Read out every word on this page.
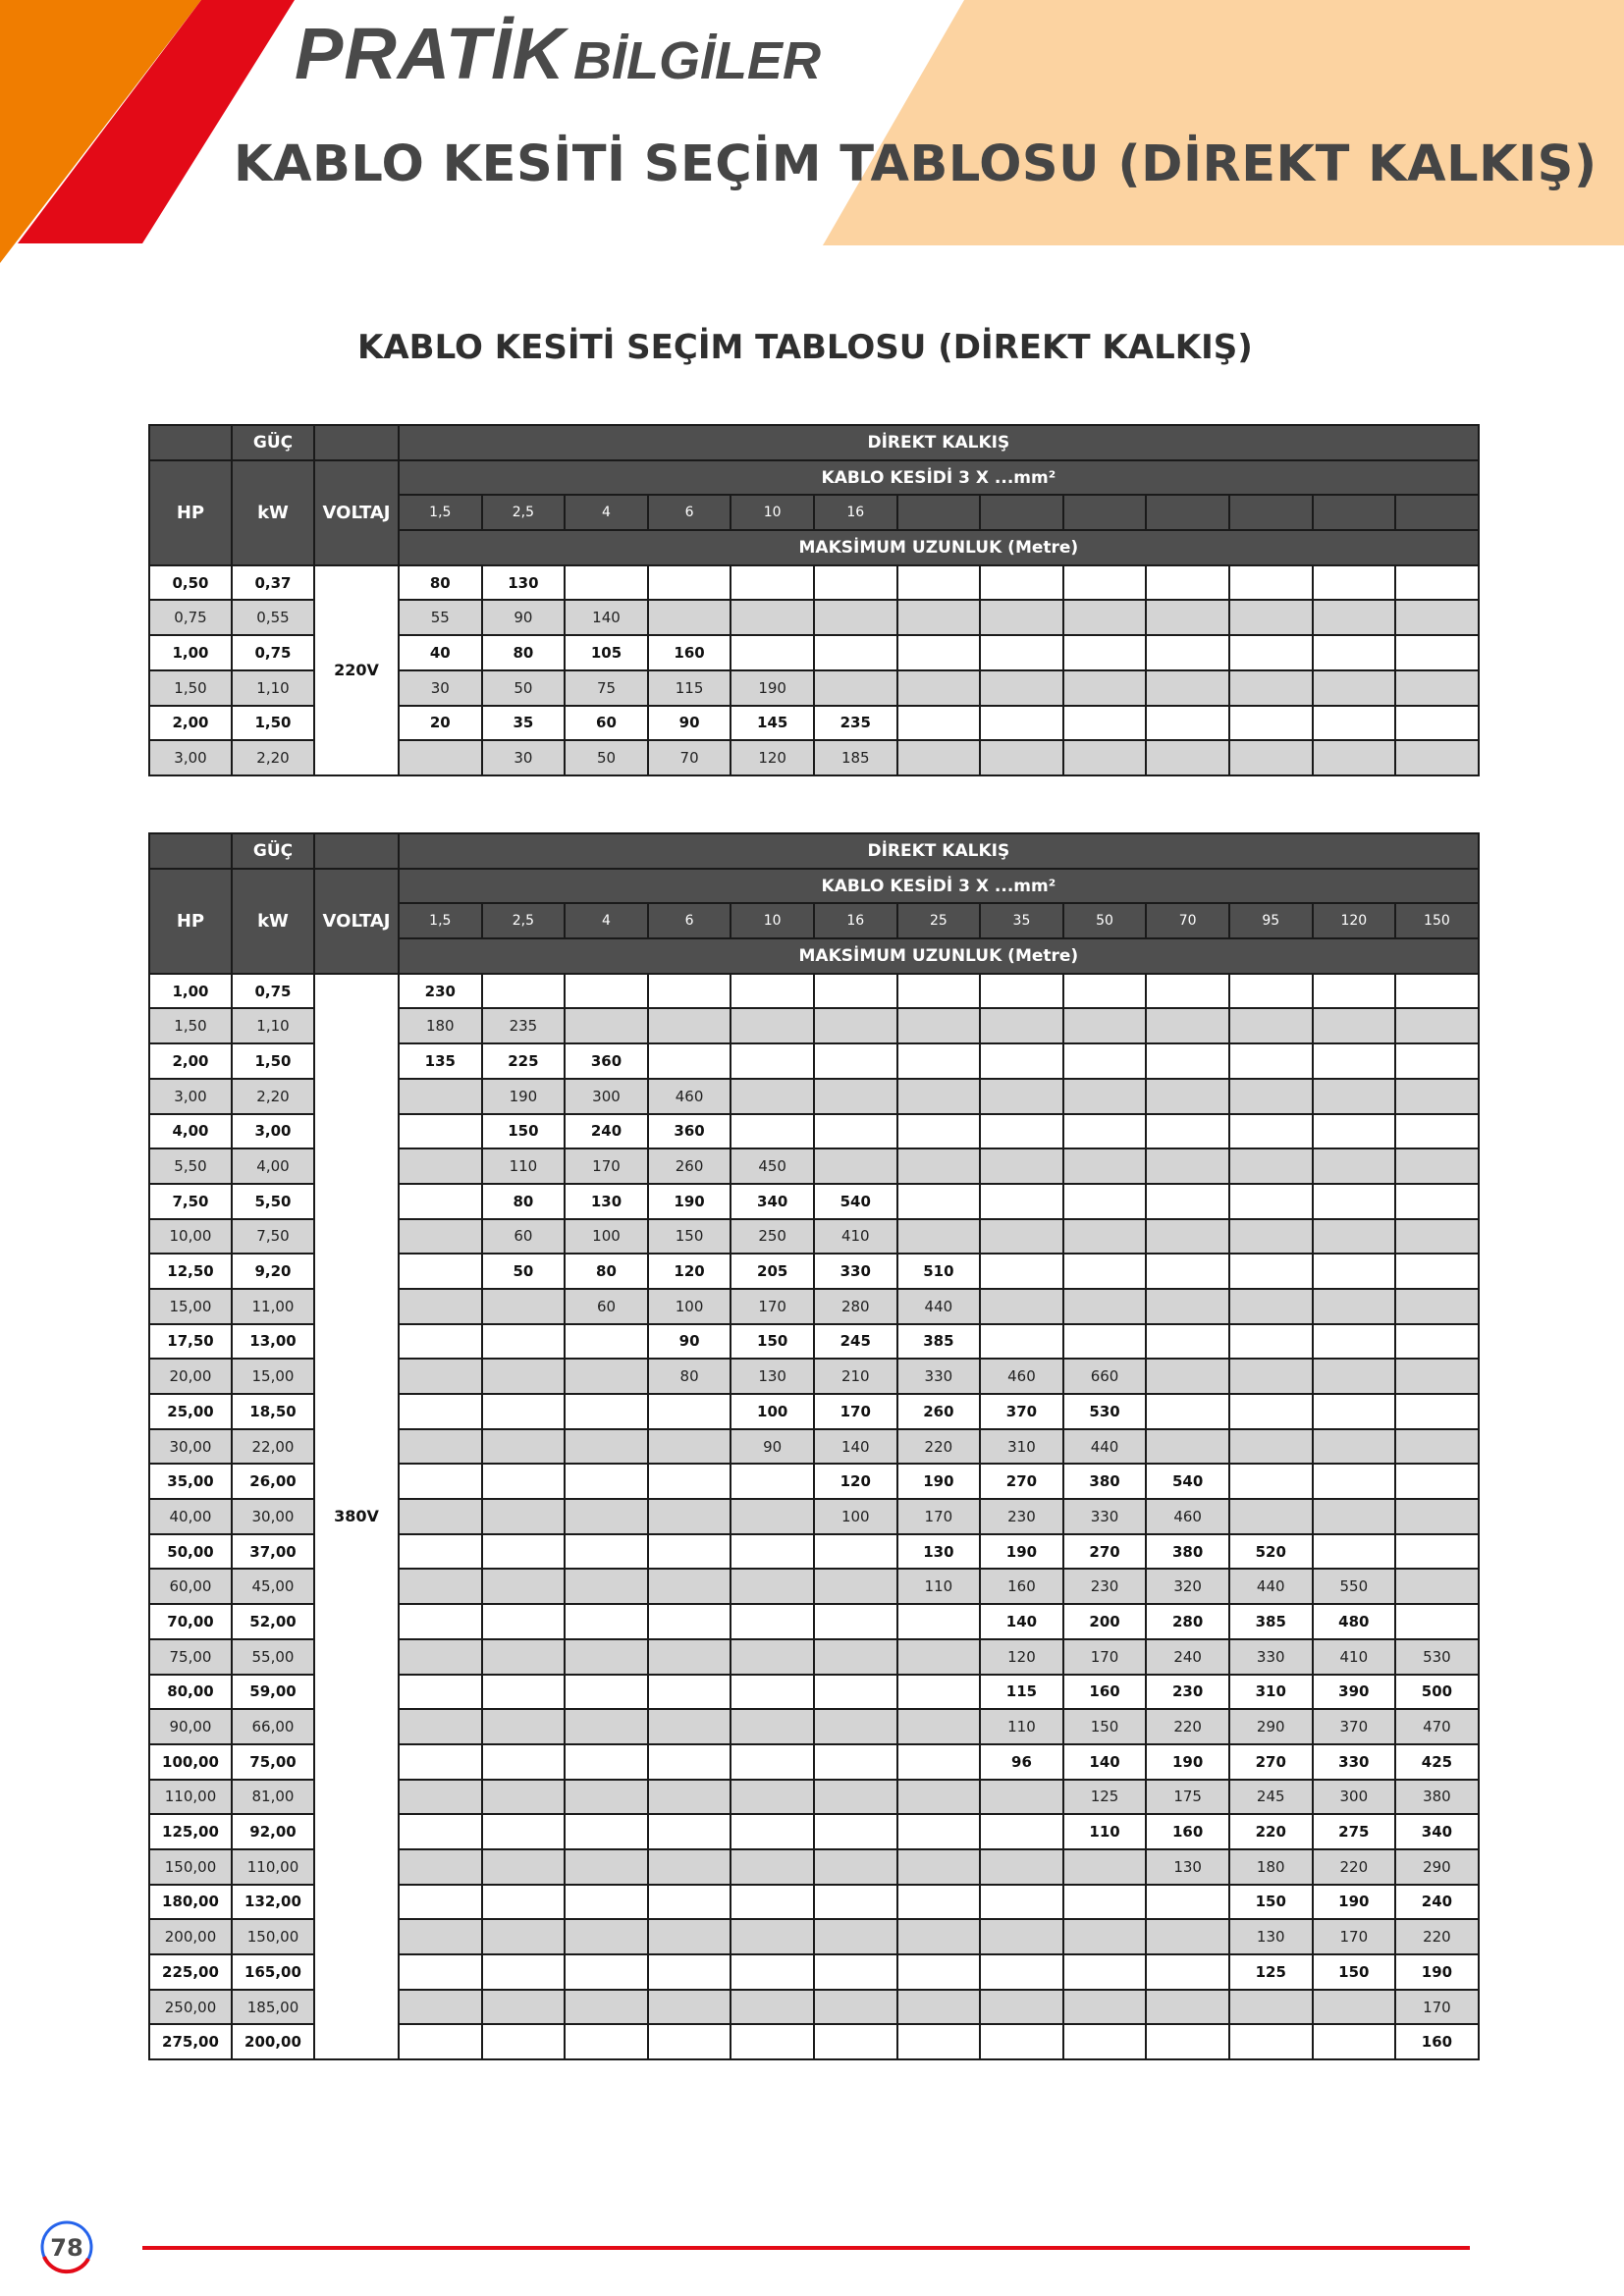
PRATİK BİLGİLER
KABLO KESİTİ SEÇİM TABLOSU (DİREKT KALKIŞ)
KABLO KESİTİ SEÇİM TABLOSU (DİREKT KALKIŞ)
	GÜÇ		DİREKT KALKIŞ												
HP	kW	VOLTAJ	KABLO KESİDİ 3 X ...mm²												
			1,5	2,5	4	6	10	16							
			MAKSİMUM UZUNLUK (Metre)												
0,50	0,37	220V	80	130											
0,75	0,55		55	90	140										
1,00	0,75		40	80	105	160									
1,50	1,10		30	50	75	115	190								
2,00	1,50		20	35	60	90	145	235							
3,00	2,20			30	50	70	120	185							
	GÜÇ		DİREKT KALKIŞ												
HP	kW	VOLTAJ	KABLO KESİDİ 3 X ...mm²												
			1,5	2,5	4	6	10	16	25	35	50	70	95	120	150
			MAKSİMUM UZUNLUK (Metre)												
1,00	0,75	380V	230												
1,50	1,10		180	235											
2,00	1,50		135	225	360										
3,00	2,20			190	300	460									
4,00	3,00			150	240	360									
5,50	4,00			110	170	260	450								
7,50	5,50			80	130	190	340	540							
10,00	7,50			60	100	150	250	410							
12,50	9,20			50	80	120	205	330	510						
15,00	11,00				60	100	170	280	440						
17,50	13,00					90	150	245	385						
20,00	15,00					80	130	210	330	460	660				
25,00	18,50						100	170	260	370	530				
30,00	22,00						90	140	220	310	440				
35,00	26,00							120	190	270	380	540			
40,00	30,00							100	170	230	330	460			
50,00	37,00								130	190	270	380	520		
60,00	45,00								110	160	230	320	440	550	
70,00	52,00									140	200	280	385	480	
75,00	55,00									120	170	240	330	410	530
80,00	59,00									115	160	230	310	390	500
90,00	66,00									110	150	220	290	370	470
100,00	75,00									96	140	190	270	330	425
110,00	81,00										125	175	245	300	380
125,00	92,00										110	160	220	275	340
150,00	110,00											130	180	220	290
180,00	132,00												150	190	240
200,00	150,00												130	170	220
225,00	165,00												125	150	190
250,00	185,00														170
275,00	200,00														160
78
